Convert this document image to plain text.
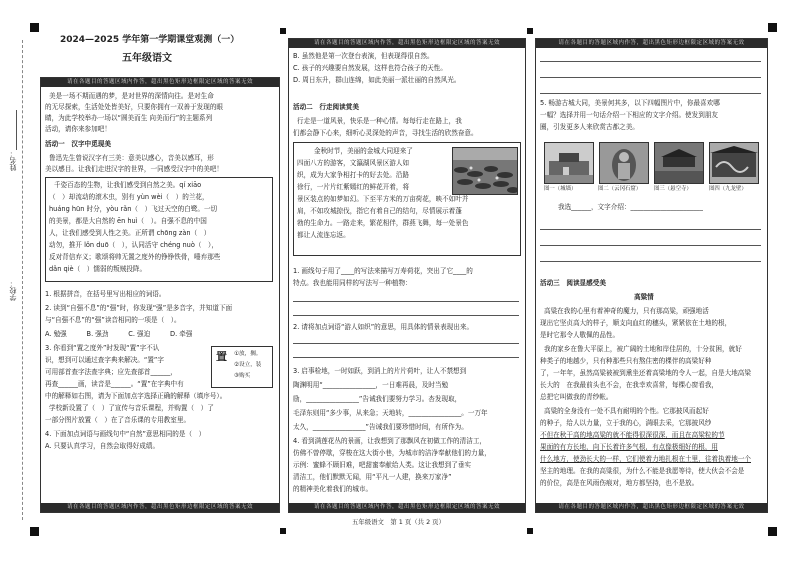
姓名：
学校：
2024—2025 学年第一学期课堂观测（一）
五年级语文
请在各题目的答题区域内作答，超出黑色矩形边框限定区域的答案无效
美是一场不期而遇的梦，是对世界的深情向往。是对生命
的无尽探索，生活处处皆美好，只要你拥有一双善于发现的眼
睛，为此学校举办一场以“圆美而生 向美而行”的主题系列
活动，请你来参加吧！
活动一　汉字中觅现美
鲁迅先生曾说汉字有三美：意美以感心，音美以感耳，形
美以感目。让我们走进汉字的世界，一同感受汉字中的美吧！
千姿百态的生物，让我们感受到自然之美。qí xiāo
（　）却流动的滚木虫，别有 yùn wèi（　）的兰花，
huáng hūn 时分，yòu rǎn（　）飞过天空的白鹭。一切
的美景，都是大自然的 ēn huì（　）。自强不息的中国
人，让我们感受到人性之美。正所谓 chōng zàn（　）
动勿，推开 lǒn duō（　），认同活守 chéng nuò（　），
反对背信弃义；歌颂将帅无置之度外的铮铮铁骨，唾弃那些
dǎn qiè（　）懦弱的叛贼投降。
1. 根据拼音，在括号里写出相应的词语。
2. 读到“自强不息”的“强”时，你发现“强”是多音字，并知道下面
与“自强不息”的“强”读音相同的一项是（　）。
A. 勉强　　　B. 强劲　　　C. 强迫　　　D. 牵强
3. 你看到“置之度外”时发现“置”字不认
识，想到可以通过查字典来解决。“置”字
可用部首查字法查字典；应先查部首______，
再查______画，读音是______。“置”在字典中有
中的解释如右图，请为下面加点字选择正确的解释（填序号）。
学校新设置了（　）了宣传与音乐课程，并购置（　）了
一部分图片放置（　）在了音乐课的专用教室里。
4. 下面加点词语与画线句中“自然”意思相同的是（　）
A. 只要认真学习，自然会取得好成绩。
置 ①放，搁。
②设立，装
③购买
请在各题目的答题区域内作答，超出黑色矩形边框限定区域的答案无效
请在各题目的答题区域内作答，超出黑色矩形边框限定区域的答案无效
B. 虽然他是第一次登台表演，但表现得很自然。
C. 孩子的兴趣要自然发展，这样也符合孩子的天性。
D. 周日东升，群山连绵，如此美丽一派壮丽的自然风光。
活动二　行走阅读赏美
行走是一道风景，快乐是一种心情。每每行走在路上，我
们都会静下心来，细听心灵深处的声音，寻找生活的欣然奋意。
金秋时节，美丽的金城大同迎来了
四面八方的游客，文瀛湖风景区游人如
织，成为大家争相打卡的好去处。沿路
徐行，一片片红紫嫣红的鲜花开着，将
景区装点的如梦如幻。下至平方米的万亩荷花，映不如叶并
肩，不如攻城掠伐，指它有着自己的结句，尽情展示着蓬
勃的生命力。一路走来，繁花相伴，群燕飞舞，每一处景色
都让人流连忘返。
1. 画线句子用了____的写法来描写万寿荷花，突出了它____的
特点。我也能用同样的写法写一种植物：
2. 请将加点词语“游人如织”的意思，用具体的情景表现出来。
3. 启事检地，一时如跃，到消上的片片荷叶，让人不禁想到
陶渊明用“________________，一日难再晨，及时当勉
励，________________”告诫我们要努力学习。杏发现取，
毛泽东则用“多少事，从来急；天地转，________________。一万年
太久，________________”告诫我们要珍惜时间，有所作为。
4. 看到满莲花丛的景画，让我想到了那飘风在初做工作的清洁工，
仿佛不曾停歇，穿梭在这大街小巷，为城市的洁净奉献他们的力量，
示例：蜜蜂不顾旧难，吧甜蜜奉献给人类。这让我想到了垂实
清洁工，他们默默无闻，用“平凡一人建，换来万家净”
的精神美化着我们的城市。
请在各题目的答题区域内作答，超出黑色矩形边框限定区域的答案无效
请在各题目的答题区域内作答，超出黑色矩形边框限定区域的答案无效
5. 畅游古城大同，美景何其多，以下四幅图片中，你最喜欢哪
一幅？选择并用一句话介绍一下相应的文字介绍。使发到朋友
圈，引发更多人来欣赏古都之美。
图一（城墙）	图二（云冈石窟） 图三（悬空寺）	图四（九龙壁）
我选______，文字介绍：______________________
活动三　阅读显感受美
高粱情
高粱在我的心里有着神奇的魔力，只有那高粱，顽强地活
现出它坚贞高大的样子，顺支向血红的穗头，紧紧依在土地的根，
是时它那令人敬佩的品性。
我的家乡在鲁大平原上，被广阔的土地和岸佳居的，十分贫困，就好
种类子的地越少，只有种那些只有熬住密的棵伴的高梁好种
了，一年年，虽然高粱被被到熏坐还着高梁地的令人一起，自是大地高梁
长大的　在我最前头也不会，在我幸欢喜常，每棵心窗看我，
总把它叫做我的青纱帐。
高粱的全身没有一处不具有耐明的个性。它那披风而起好
的种子，给人以力量，立于我的心，满眼去采，它那披风纱
不但在秋干高的地高粱的就不能得很深很深，而且在高梁粒的节
果面的有方长地，向下长着许多气根，有点像极细好的根，用
什么地方，使劲长大的一样，它们使着力地扎根在土里，往着执着地一个
坚主的地理。在我的高粱很，为什么不能是我愿等待，使大伙会不会是
的价位，高是在风雨伤痕对，地方都坚持，也不是放。
请在各题目的答题区域内作答，超出黑色矩形边框限定区域的答案无效
五年级语文　第 1 页（共 2 页）
